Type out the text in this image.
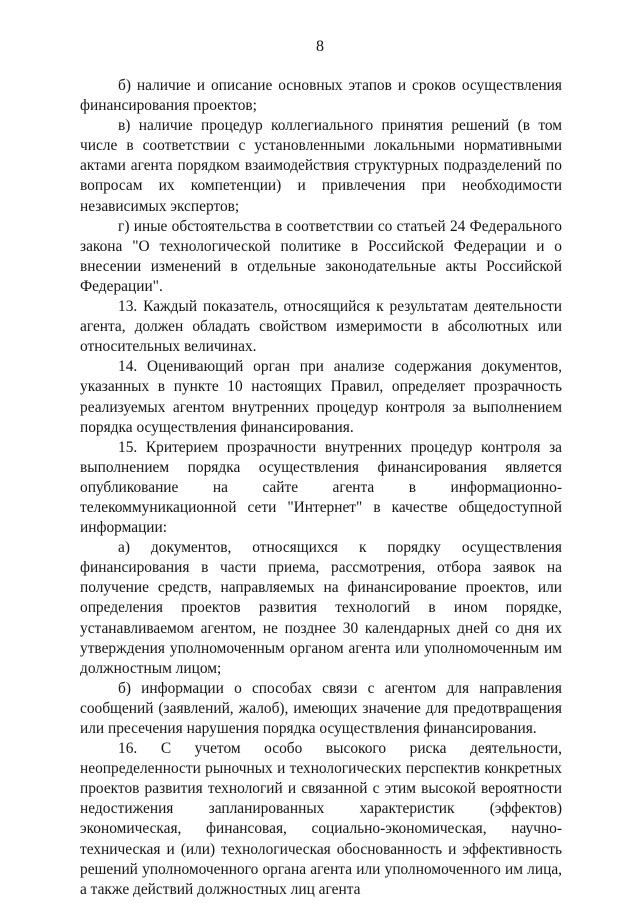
8

б) наличие и описание основных этапов и сроков осуществления финансирования проектов;

в) наличие процедур коллегиального принятия решений (в том числе в соответствии с установленными локальными нормативными актами агента порядком взаимодействия структурных подразделений по вопросам их компетенции) и привлечения при необходимости независимых экспертов;

г) иные обстоятельства в соответствии со статьей 24 Федерального закона "О технологической политике в Российской Федерации и о внесении изменений в отдельные законодательные акты Российской Федерации".

13. Каждый показатель, относящийся к результатам деятельности агента, должен обладать свойством измеримости в абсолютных или относительных величинах.

14. Оценивающий орган при анализе содержания документов, указанных в пункте 10 настоящих Правил, определяет прозрачность реализуемых агентом внутренних процедур контроля за выполнением порядка осуществления финансирования.

15. Критерием прозрачности внутренних процедур контроля за выполнением порядка осуществления финансирования является опубликование на сайте агента в информационно-телекоммуникационной сети "Интернет" в качестве общедоступной информации:

а) документов, относящихся к порядку осуществления финансирования в части приема, рассмотрения, отбора заявок на получение средств, направляемых на финансирование проектов, или определения проектов развития технологий в ином порядке, устанавливаемом агентом, не позднее 30 календарных дней со дня их утверждения уполномоченным органом агента или уполномоченным им должностным лицом;

б) информации о способах связи с агентом для направления сообщений (заявлений, жалоб), имеющих значение для предотвращения или пресечения нарушения порядка осуществления финансирования.

16. С учетом особо высокого риска деятельности, неопределенности рыночных и технологических перспектив конкретных проектов развития технологий и связанной с этим высокой вероятности недостижения запланированных характеристик (эффектов) экономическая, финансовая, социально-экономическая, научно-техническая и (или) технологическая обоснованность и эффективность решений уполномоченного органа агента или уполномоченного им лица, а также действий должностных лиц агента
